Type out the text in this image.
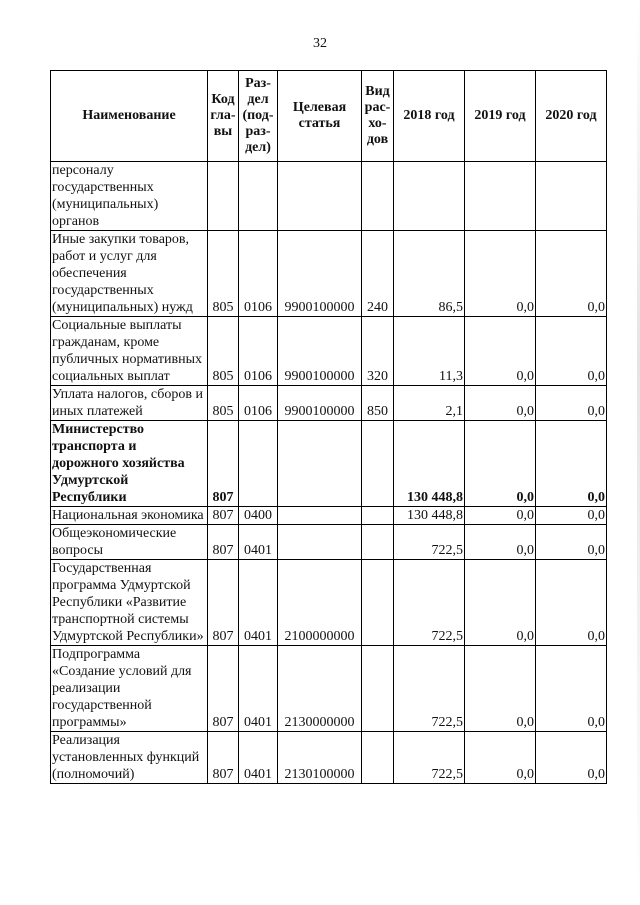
32
Наименование	Код гла-вы	Раз-дел (под-раз-дел)	Целевая статья	Вид рас-хо-дов	2018 год	2019 год	2020 год
персоналу государственных (муниципальных) органов							
Иные закупки товаров, работ и услуг для обеспечения государственных (муниципальных) нужд	805	0106	9900100000	240	86,5	0,0	0,0
Социальные выплаты гражданам, кроме публичных нормативных социальных выплат	805	0106	9900100000	320	11,3	0,0	0,0
Уплата налогов, сборов и иных платежей	805	0106	9900100000	850	2,1	0,0	0,0
Министерство транспорта и дорожного хозяйства Удмуртской Республики	807				130 448,8	0,0	0,0
Национальная экономика	807	0400			130 448,8	0,0	0,0
Общеэкономические вопросы	807	0401			722,5	0,0	0,0
Государственная программа Удмуртской Республики «Развитие транспортной системы Удмуртской Республики»	807	0401	2100000000		722,5	0,0	0,0
Подпрограмма «Создание условий для реализации государственной программы»	807	0401	2130000000		722,5	0,0	0,0
Реализация установленных функций (полномочий)	807	0401	2130100000		722,5	0,0	0,0
